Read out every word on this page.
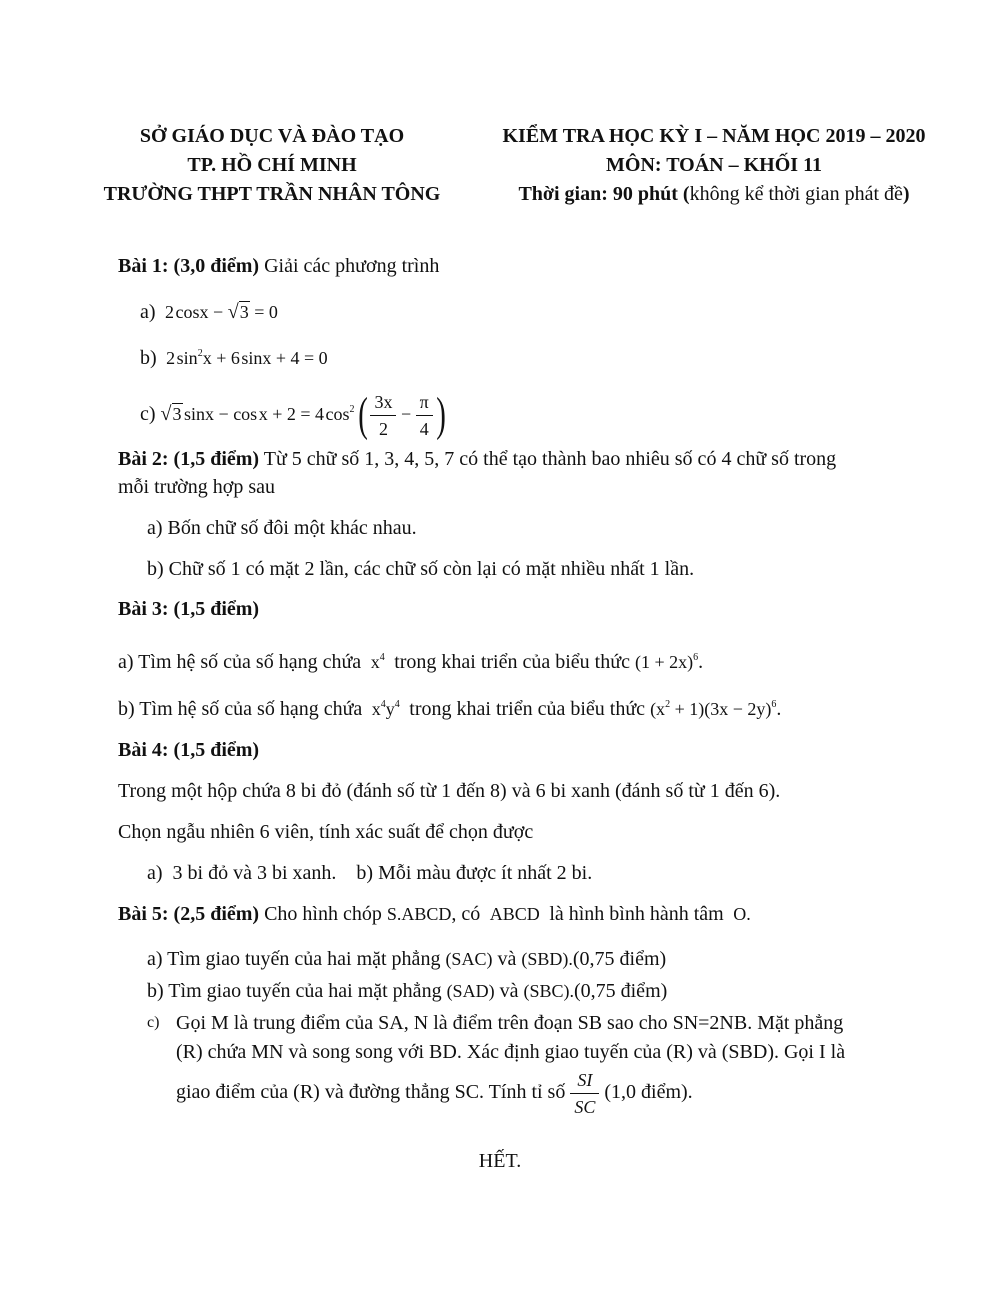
SỞ GIÁO DỤC VÀ ĐÀO TẠO
TP. HỒ CHÍ MINH
TRƯỜNG THPT TRẦN NHÂN TÔNG
KIỂM TRA HỌC KỲ I – NĂM HỌC 2019 – 2020
MÔN: TOÁN – KHỐI 11
Thời gian: 90 phút (không kể thời gian phát đề)
Bài 1: (3,0 điểm) Giải các phương trình
a)  2 cosx − √3 = 0
b)  2 $\sin^2x + 6$ sinx + 4 = 0
c) √3 sinx − cos x + 2 = 4 $\cos^2( \frac{3x}{2} - \frac{\pi}{4}$ )
Bài 2: (1,5 điểm) Từ 5 chữ số 1, 3, 4, 5, 7 có thể tạo thành bao nhiêu số có 4 chữ số trong
mỗi trường hợp sau
a) Bốn chữ số đôi một khác nhau.
b) Chữ số 1 có mặt 2 lần, các chữ số còn lại có mặt nhiều nhất 1 lần.
Bài 3: (1,5 điểm)
a) Tìm hệ số của số hạng chứa  $x^4$  trong khai triển của biểu thức $(1 + 2x)^6$.
b) Tìm hệ số của số hạng chứa  $x^4y^4$  trong khai triển của biểu thức $(x^2 + 1)(3x - 2y)^6$.
Bài 4: (1,5 điểm)
Trong một hộp chứa 8 bi đỏ (đánh số từ 1 đến 8) và 6 bi xanh (đánh số từ 1 đến 6).
Chọn ngẫu nhiên 6 viên, tính xác suất để chọn được
a)  3 bi đỏ và 3 bi xanh.    b) Mỗi màu được ít nhất 2 bi.
Bài 5: (2,5 điểm) Cho hình chóp S.ABCD, có  ABCD  là hình bình hành tâm  O.
a) Tìm giao tuyến của hai mặt phẳng (SAC) và (SBD).(0,75 điểm)
b) Tìm giao tuyến của hai mặt phẳng (SAD) và (SBC).(0,75 điểm)
c) Gọi M là trung điểm của SA, N là điểm trên đoạn SB sao cho SN=2NB. Mặt phẳng
(R) chứa MN và song song với BD. Xác định giao tuyến của (R) và (SBD). Gọi I là
giao điểm của (R) và đường thẳng SC. Tính tỉ số $\frac{SI}{SC} (1,0$ điểm).
HẾT.
